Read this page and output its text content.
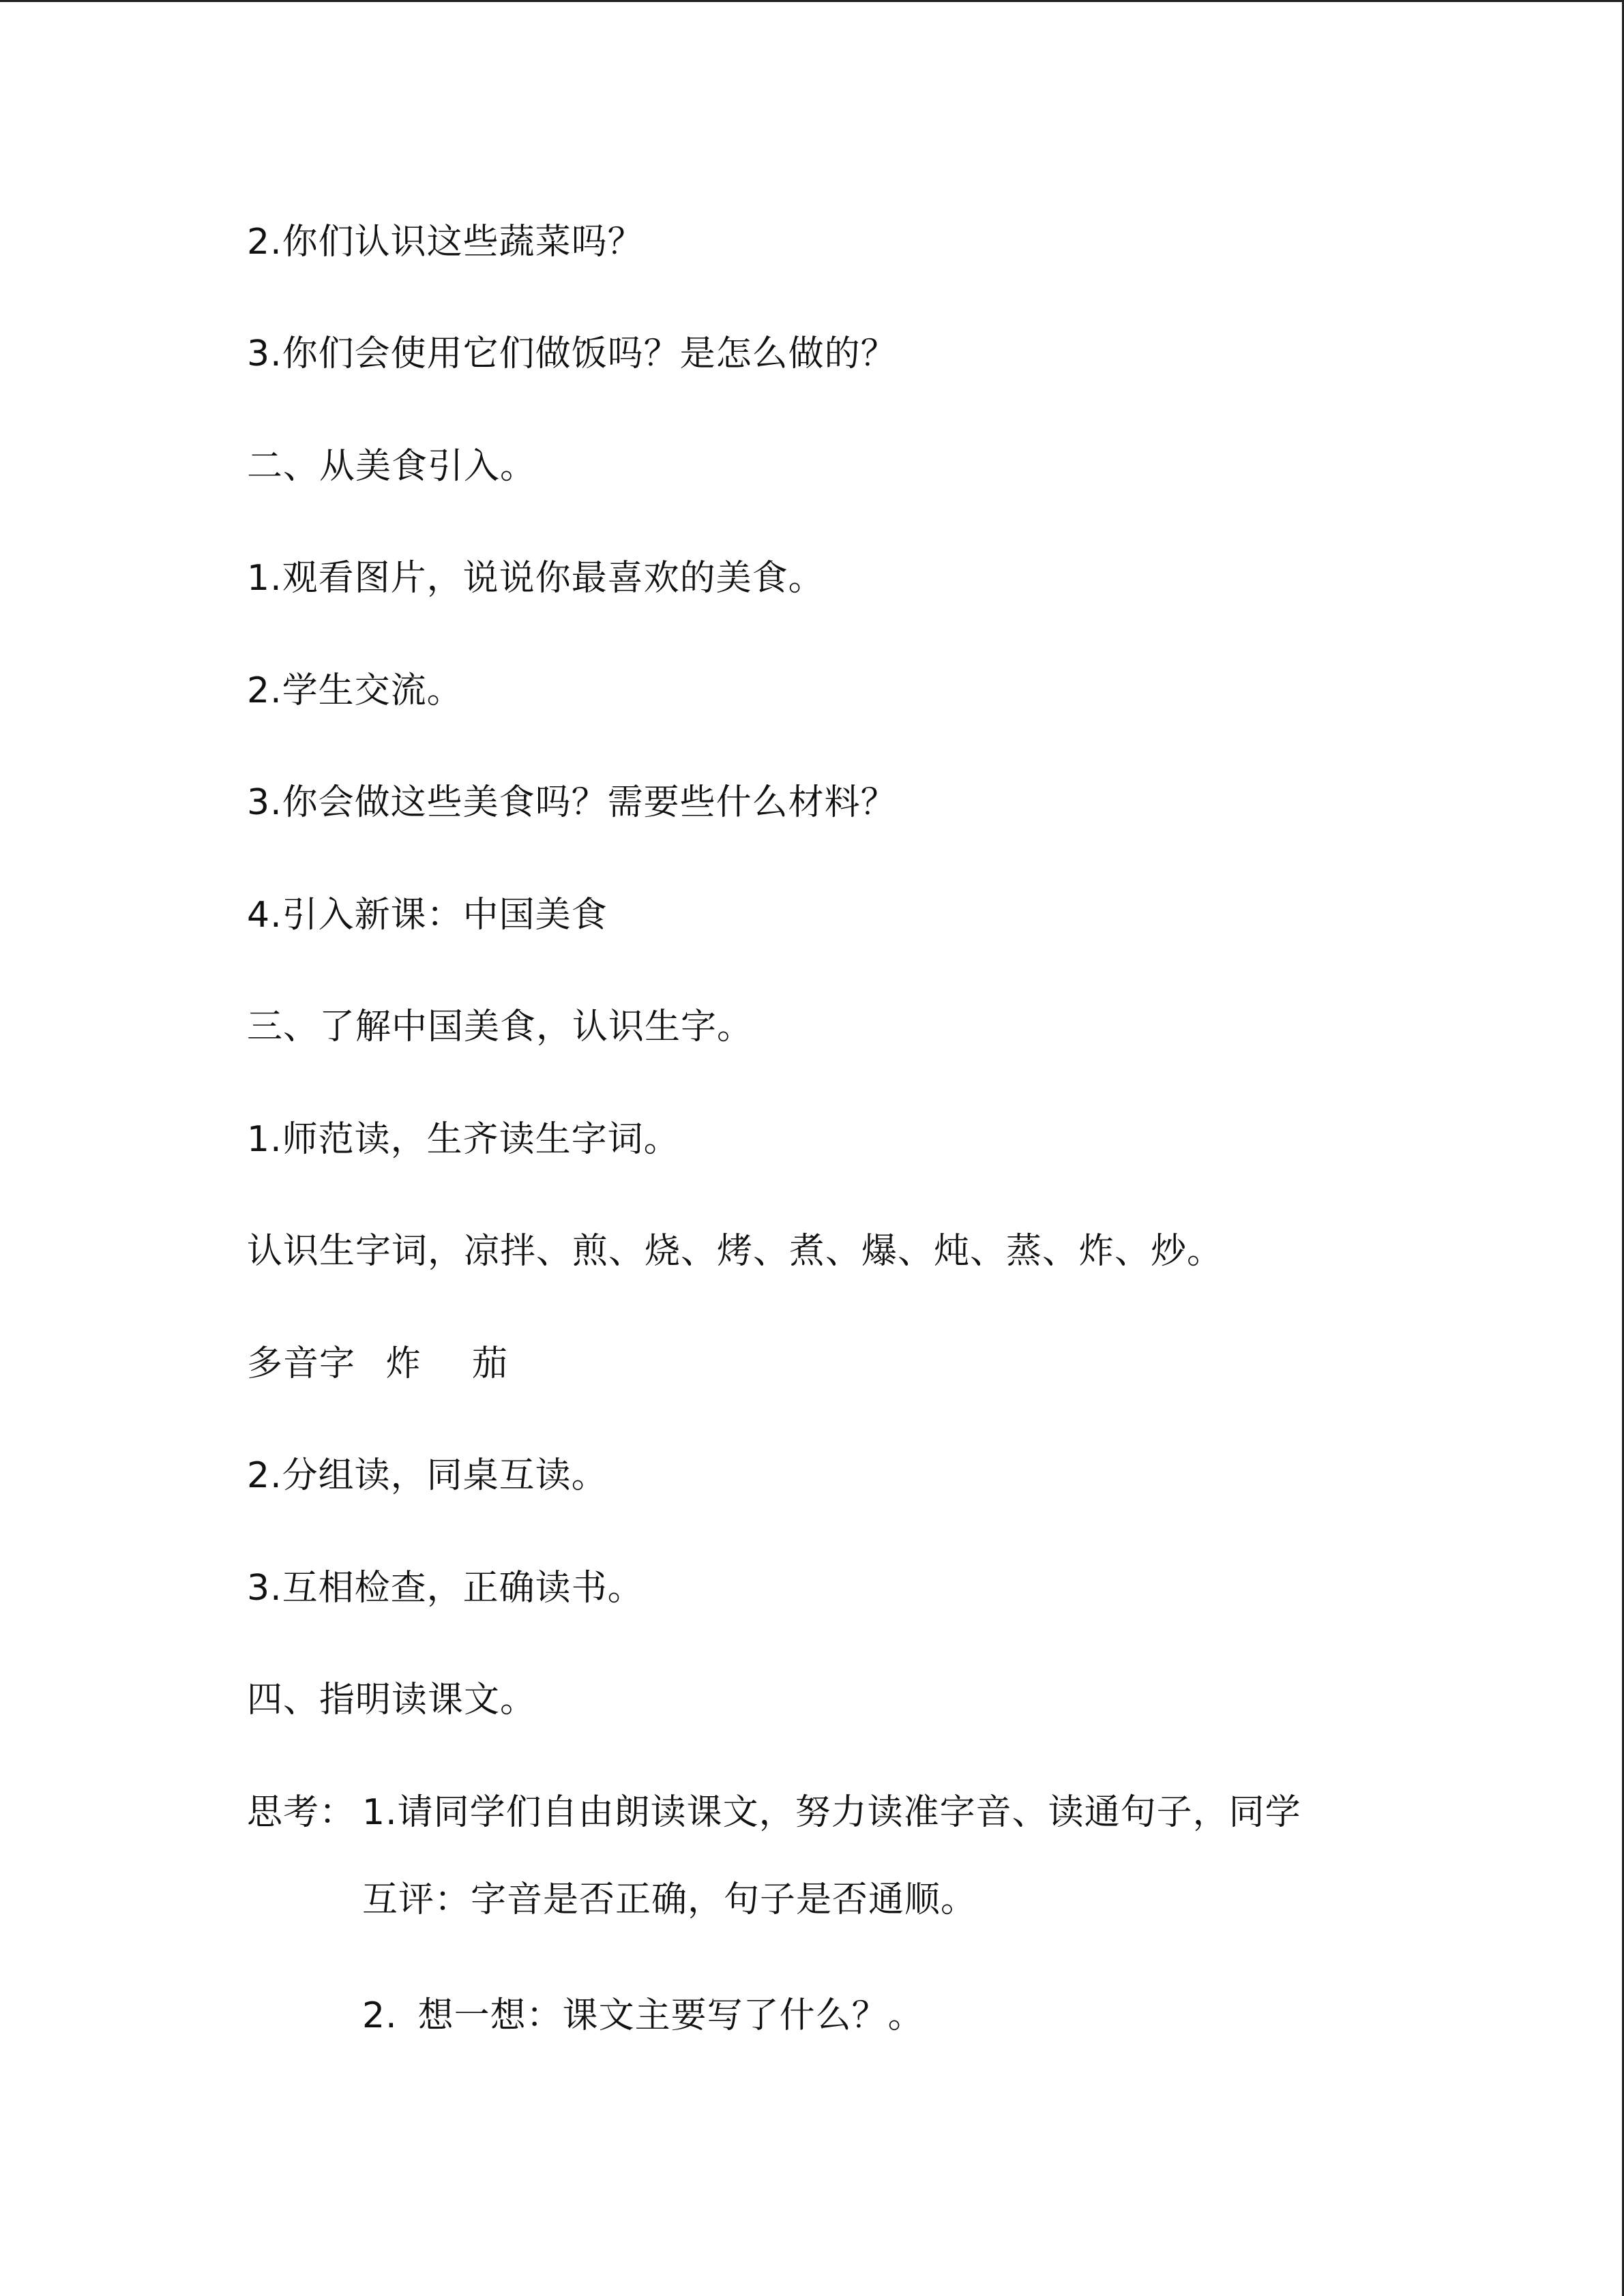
2.你们认识这些蔬菜吗？
3.你们会使用它们做饭吗？是怎么做的？
二、从美食引入。
1.观看图片，说说你最喜欢的美食。
2.学生交流。
3.你会做这些美食吗？需要些什么材料？
4.引入新课：中国美食
三、了解中国美食，认识生字。
1.师范读，生齐读生字词。
认识生字词，凉拌、煎、烧、烤、煮、爆、炖、蒸、炸、炒。
多音字 炸 茄
2.分组读，同桌互读。
3.互相检查，正确读书。
四、指明读课文。
思考： 1.请同学们自由朗读课文，努力读准字音、读通句子，同学
互评：字音是否正确，句子是否通顺。
2. 想一想：课文主要写了什么？。
